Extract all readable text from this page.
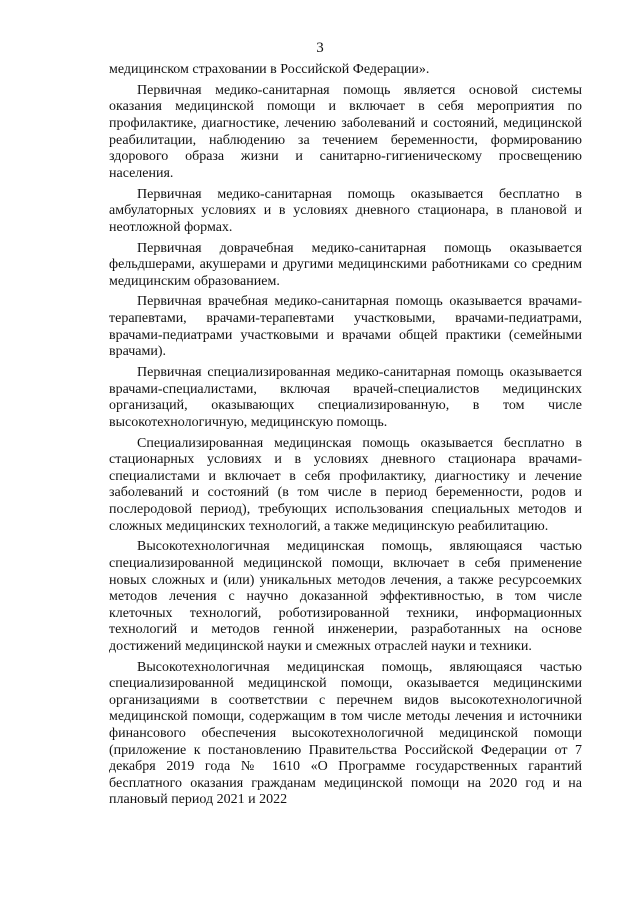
3

медицинском страховании в Российской Федерации».

Первичная медико-санитарная помощь является основой системы оказания медицинской помощи и включает в себя мероприятия по профилактике, диагностике, лечению заболеваний и состояний, медицинской реабилитации, наблюдению за течением беременности, формированию здорового образа жизни и санитарно-гигиеническому просвещению населения.

Первичная медико-санитарная помощь оказывается бесплатно в амбулаторных условиях и в условиях дневного стационара, в плановой и неотложной формах.

Первичная доврачебная медико-санитарная помощь оказывается фельдшерами, акушерами и другими медицинскими работниками со средним медицинским образованием.

Первичная врачебная медико-санитарная помощь оказывается врачами-терапевтами, врачами-терапевтами участковыми, врачами-педиатрами, врачами-педиатрами участковыми и врачами общей практики (семейными врачами).

Первичная специализированная медико-санитарная помощь оказывается врачами-специалистами, включая врачей-специалистов медицинских организаций, оказывающих специализированную, в том числе высокотехнологичную, медицинскую помощь.

Специализированная медицинская помощь оказывается бесплатно в стационарных условиях и в условиях дневного стационара врачами-специалистами и включает в себя профилактику, диагностику и лечение заболеваний и состояний (в том числе в период беременности, родов и послеродовой период), требующих использования специальных методов и сложных медицинских технологий, а также медицинскую реабилитацию.

Высокотехнологичная медицинская помощь, являющаяся частью специализированной медицинской помощи, включает в себя применение новых сложных и (или) уникальных методов лечения, а также ресурсоемких методов лечения с научно доказанной эффективностью, в том числе клеточных технологий, роботизированной техники, информационных технологий и методов генной инженерии, разработанных на основе достижений медицинской науки и смежных отраслей науки и техники.

Высокотехнологичная медицинская помощь, являющаяся частью специализированной медицинской помощи, оказывается медицинскими организациями в соответствии с перечнем видов высокотехнологичной медицинской помощи, содержащим в том числе методы лечения и источники финансового обеспечения высокотехнологичной медицинской помощи (приложение к постановлению Правительства Российской Федерации от 7 декабря 2019 года № 1610 «О Программе государственных гарантий бесплатного оказания гражданам медицинской помощи на 2020 год и на плановый период 2021 и 2022
